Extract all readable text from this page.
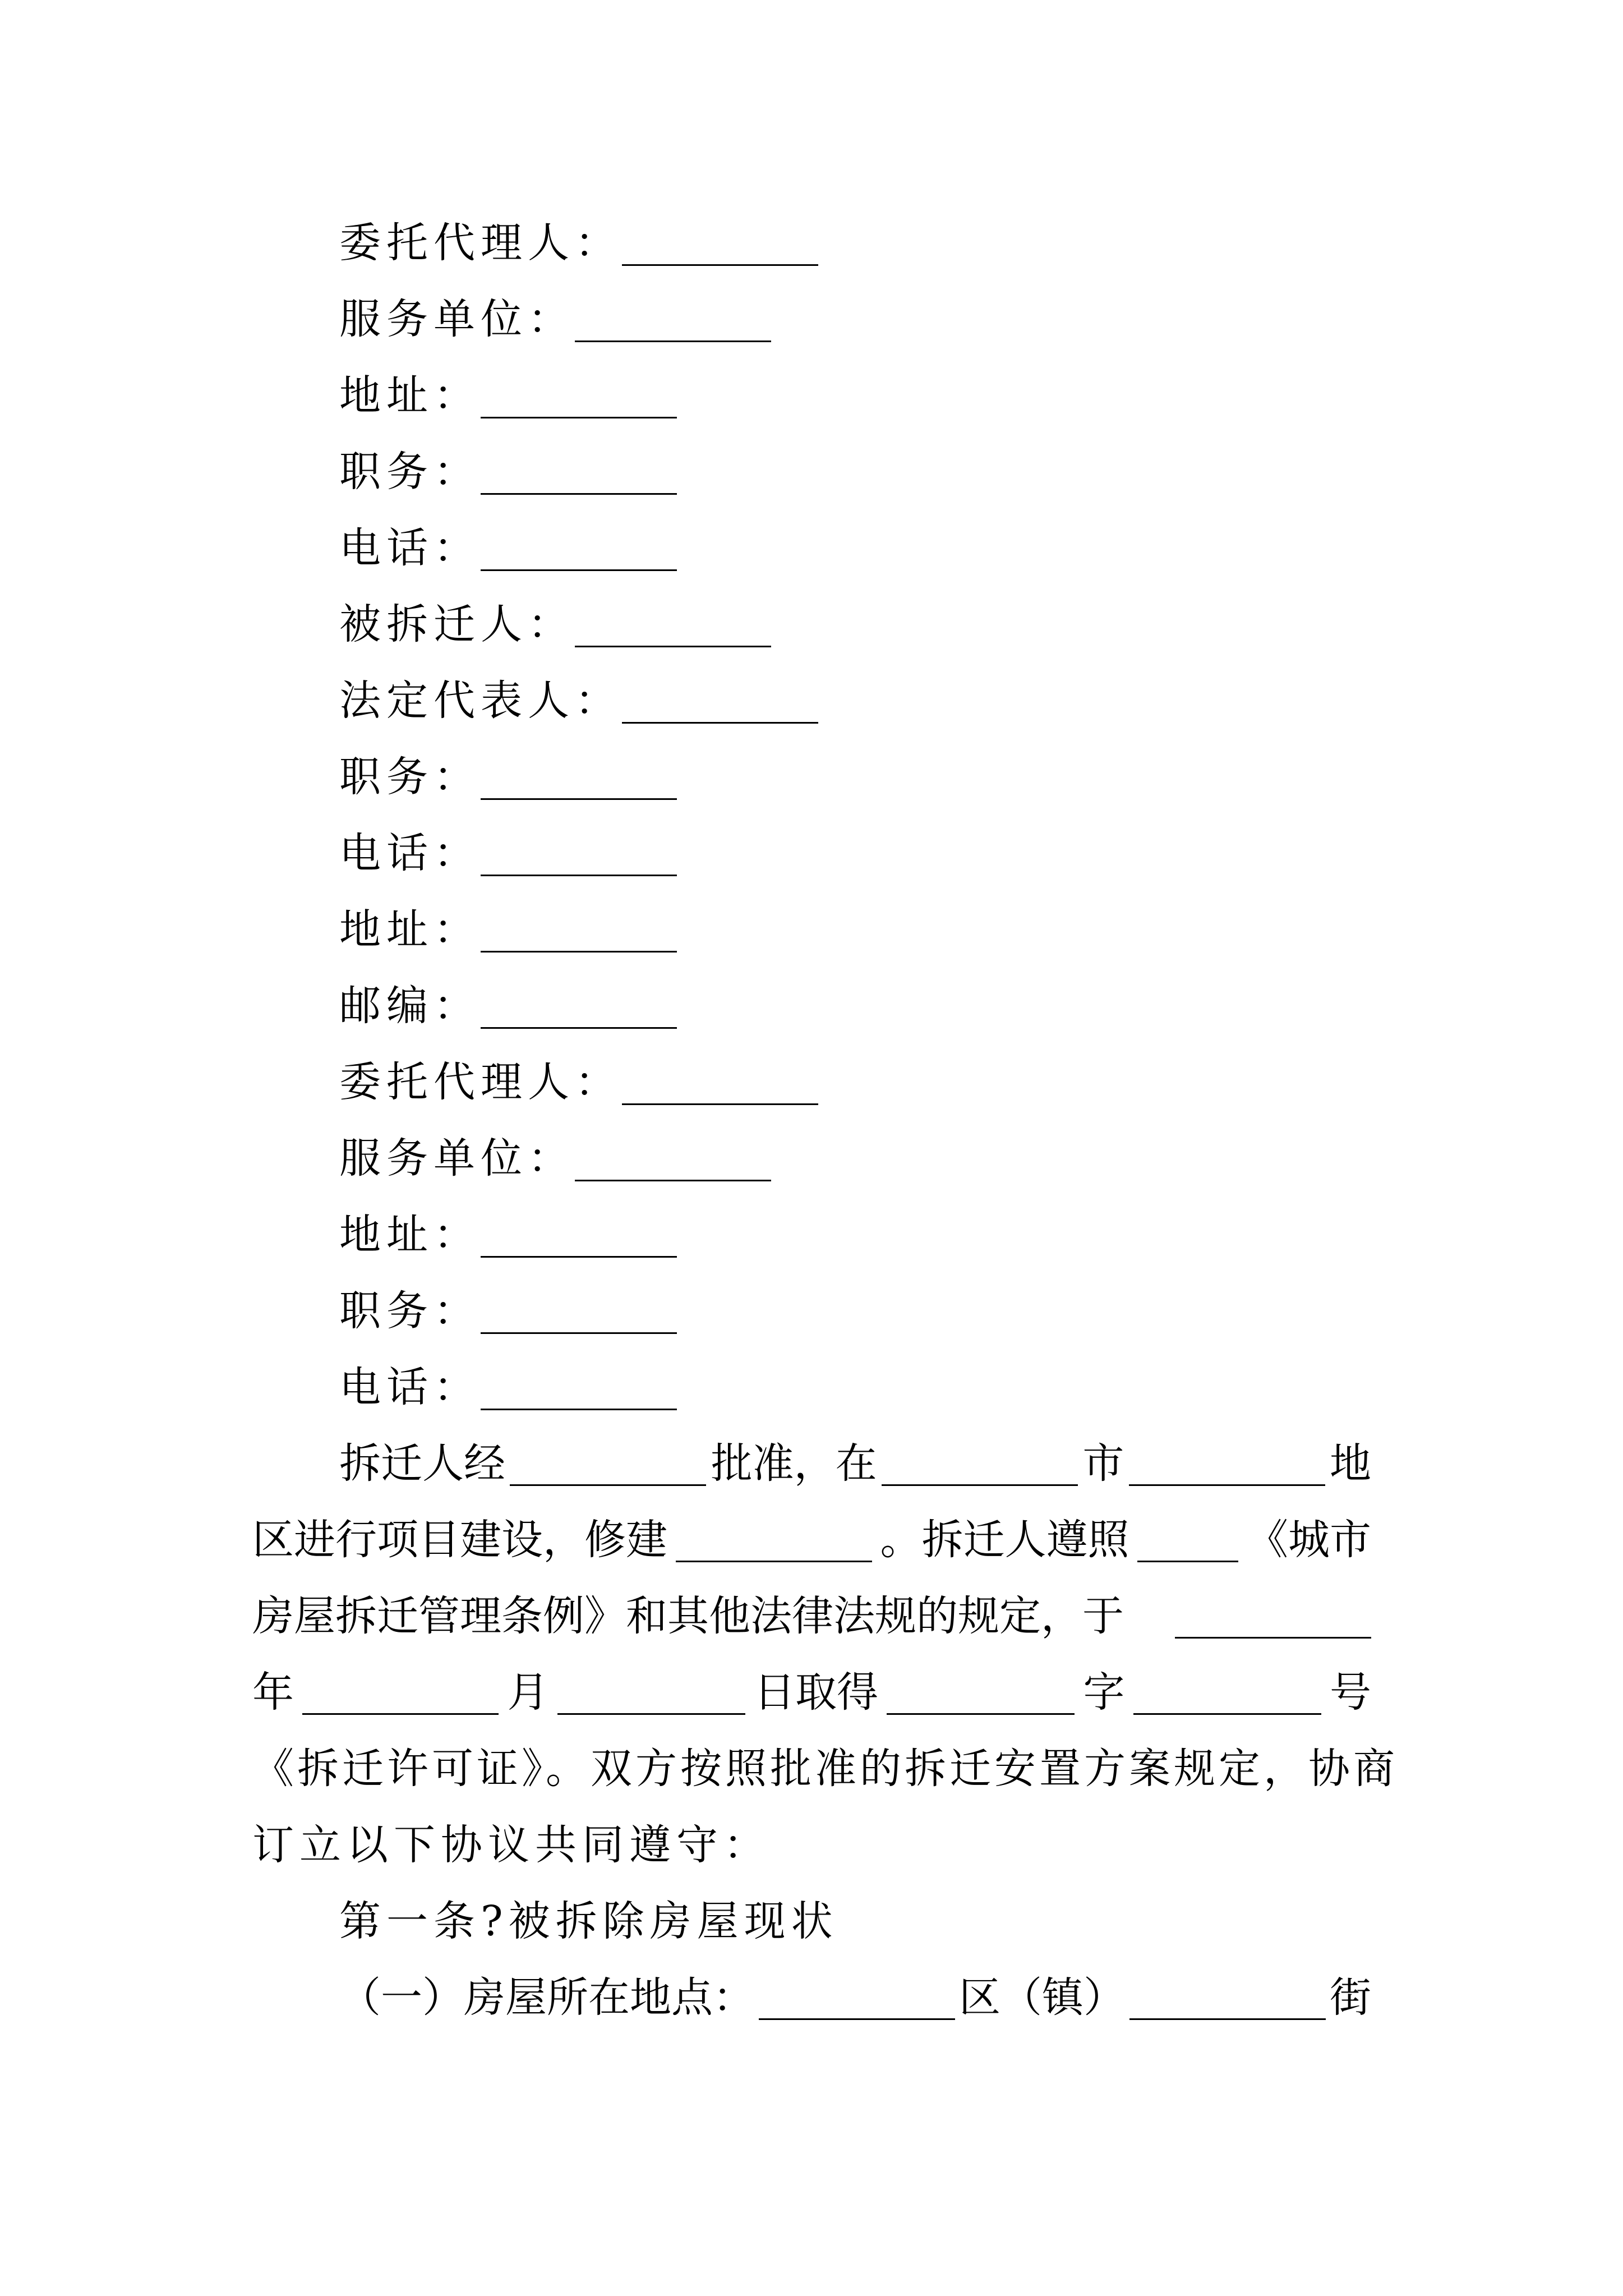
委托代理人：
服务单位：
地址：
职务：
电话：
被拆迁人：
法定代表人：
职务：
电话：
地址：
邮编：
委托代理人：
服务单位：
地址：
职务：
电话：
拆迁人经	批准，在	市	地
区进行项目建设，修建	。拆迁人遵照	《城市
房屋拆迁管理条例》和其他法律法规的规定，于
年	月	日取得	字	号
《拆迁许可证》。双方按照批准的拆迁安置方案规定，协商
订立以下协议共同遵守：
第一条?被拆除房屋现状
（一）房屋所在地点：	区（镇）	街
